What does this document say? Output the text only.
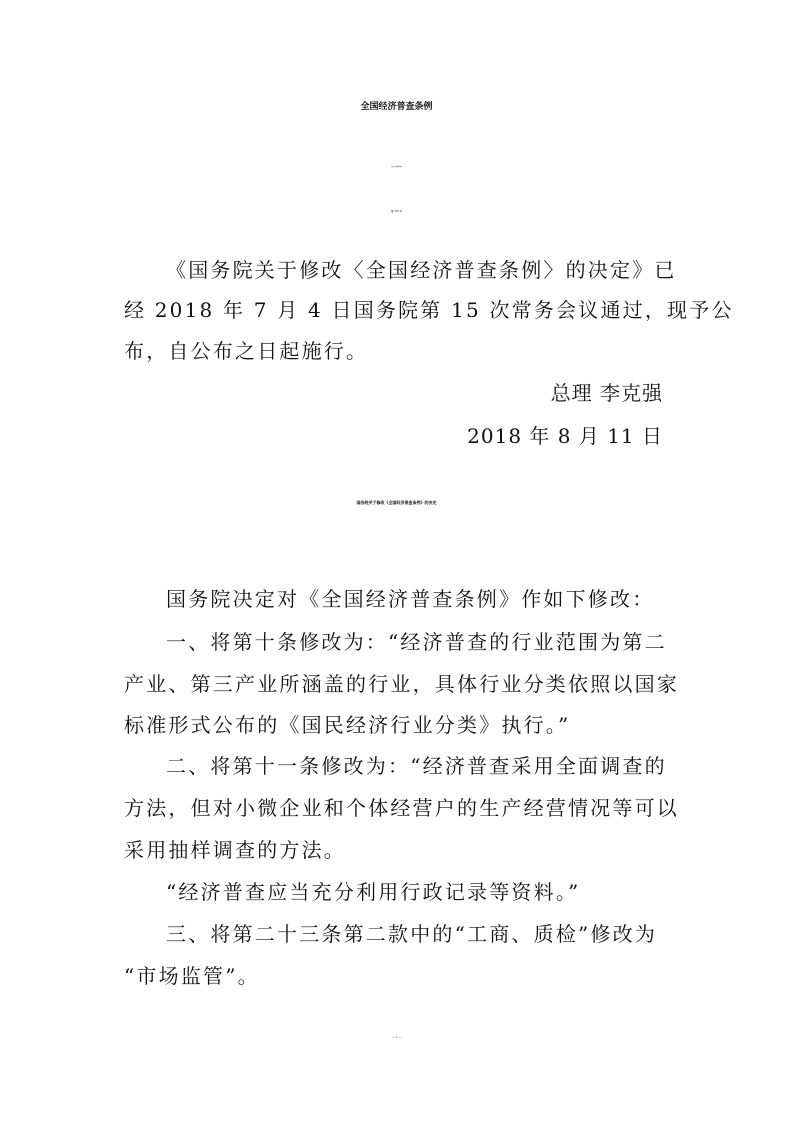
全国经济普查条例
中华人民共和国国务院令
第 702 号

《国务院关于修改〈全国经济普查条例〉的决定》已

经 2018 年 7 月 4 日国务院第 15 次常务会议通过，现予公

布，自公布之日起施行。

总理 李克强
2018 年 8 月 11 日
国务院关于修改《全国经济普查条例》的决定

国务院决定对《全国经济普查条例》作如下修改：

一、将第十条修改为：“经济普查的行业范围为第二

产业、第三产业所涵盖的行业，具体行业分类依照以国家

标准形式公布的《国民经济行业分类》执行。”

二、将第十一条修改为：“经济普查采用全面调查的

方法，但对小微企业和个体经营户的生产经营情况等可以

采用抽样调查的方法。

“经济普查应当充分利用行政记录等资料。”

三、将第二十三条第二款中的“工商、质检”修改为

“市场监管”。

— 1 —
